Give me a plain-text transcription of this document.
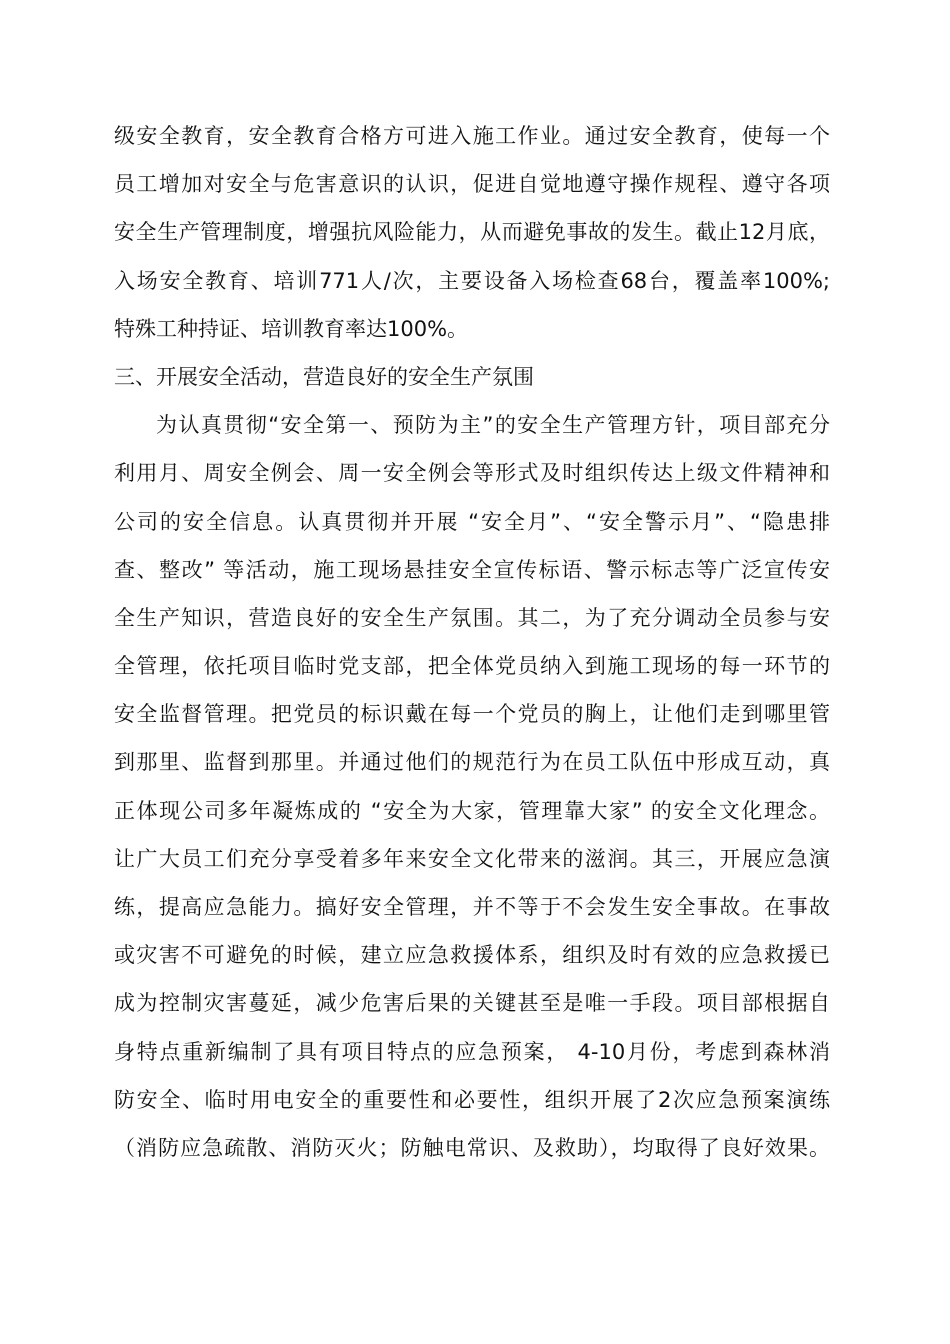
级安全教育，安全教育合格方可进入施工作业。通过安全教育，使每一个
员工增加对安全与危害意识的认识，促进自觉地遵守操作规程、遵守各项
安全生产管理制度，增强抗风险能力，从而避免事故的发生。截止12月底，
入场安全教育、培训771人/次，主要设备入场检查68台，覆盖率100%;
特殊工种持证、培训教育率达100%。
三、开展安全活动，营造良好的安全生产氛围
为认真贯彻“安全第一、预防为主”的安全生产管理方针，项目部充分
利用月、周安全例会、周一安全例会等形式及时组织传达上级文件精神和
公司的安全信息。认真贯彻并开展 “安全月”、“安全警示月”、“隐患排
查、整改” 等活动，施工现场悬挂安全宣传标语、警示标志等广泛宣传安
全生产知识，营造良好的安全生产氛围。其二，为了充分调动全员参与安
全管理，依托项目临时党支部，把全体党员纳入到施工现场的每一环节的
安全监督管理。把党员的标识戴在每一个党员的胸上，让他们走到哪里管
到那里、监督到那里。并通过他们的规范行为在员工队伍中形成互动，真
正体现公司多年凝炼成的 “安全为大家，管理靠大家” 的安全文化理念。
让广大员工们充分享受着多年来安全文化带来的滋润。其三，开展应急演
练，提高应急能力。搞好安全管理，并不等于不会发生安全事故。在事故
或灾害不可避免的时候，建立应急救援体系，组织及时有效的应急救援已
成为控制灾害蔓延，减少危害后果的关键甚至是唯一手段。项目部根据自
身特点重新编制了具有项目特点的应急预案， 4-10月份，考虑到森林消
防安全、临时用电安全的重要性和必要性，组织开展了2次应急预案演练
（消防应急疏散、消防灭火；防触电常识、及救助），均取得了良好效果。
